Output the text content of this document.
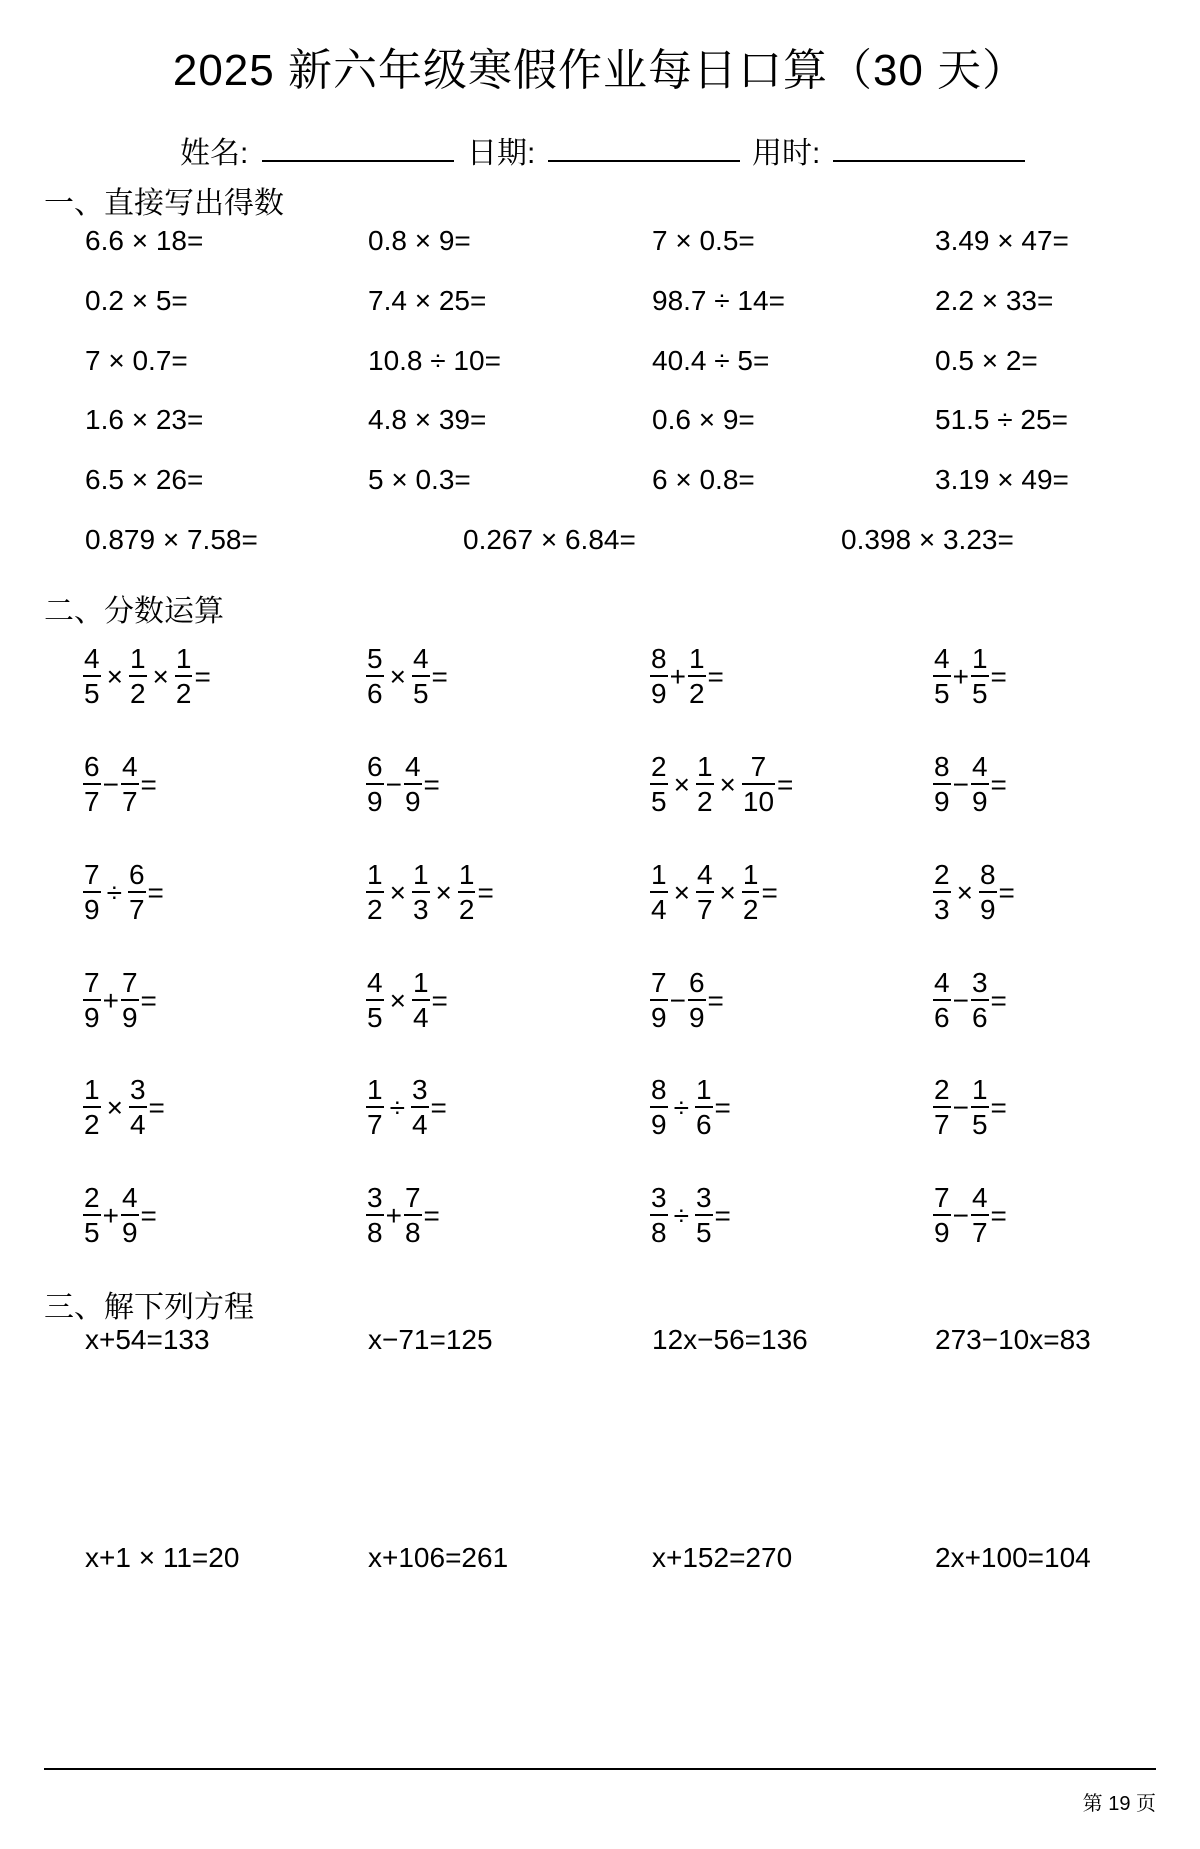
2025 新六年级寒假作业每日口算（30 天）
姓名:	日期:	用时:
一、直接写出得数
二、分数运算
三、解下列方程
6.6 × 18=	0.8 × 9=	7 × 0.5=	3.49 × 47=
0.2 × 5=	7.4 × 25=	98.7 ÷ 14=	2.2 × 33=
7 × 0.7=	10.8 ÷ 10=	40.4 ÷ 5=	0.5 × 2=
1.6 × 23=	4.8 × 39=	0.6 × 9=	51.5 ÷ 25=
6.5 × 26=	5 × 0.3=	6 × 0.8=	3.19 × 49=
0.879 × 7.58=	0.267 × 6.84=	0.398 × 3.23=
$\frac{4}{5} \times \frac{1}{2} \times \frac{1}{2}$ =	$\frac{5}{6} \times \frac{4}{5}$ =	$\frac{8}{9} + \frac{1}{2}$ =	$\frac{4}{5} + \frac{1}{5}$ =
$\frac{6}{7} - \frac{4}{7}$ =	$\frac{6}{9} - \frac{4}{9}$ =	$\frac{2}{5} \times \frac{1}{2} \times \frac{7}{10}$ =	$\frac{8}{9} - \frac{4}{9}$ =
$\frac{7}{9} \div \frac{6}{7}$ =	$\frac{1}{2} \times \frac{1}{3} \times \frac{1}{2}$ =	$\frac{1}{4} \times \frac{4}{7} \times \frac{1}{2}$ =	$\frac{2}{3} \times \frac{8}{9}$ =
$\frac{7}{9} + \frac{7}{9}$ =	$\frac{4}{5} \times \frac{1}{4}$ =	$\frac{7}{9} - \frac{6}{9}$ =	$\frac{4}{6} - \frac{3}{6}$ =
$\frac{1}{2} \times \frac{3}{4}$ =	$\frac{1}{7} \div \frac{3}{4}$ =	$\frac{8}{9} \div \frac{1}{6}$ =	$\frac{2}{7} - \frac{1}{5}$ =
$\frac{2}{5} + \frac{4}{9}$ =	$\frac{3}{8} + \frac{7}{8}$ =	$\frac{3}{8} \div \frac{3}{5}$ =	$\frac{7}{9} - \frac{4}{7}$ =
x+54=133	x−71=125	12x−56=136	273−10x=83
x+1 × 11=20	x+106=261	x+152=270	2x+100=104
第 19 页
